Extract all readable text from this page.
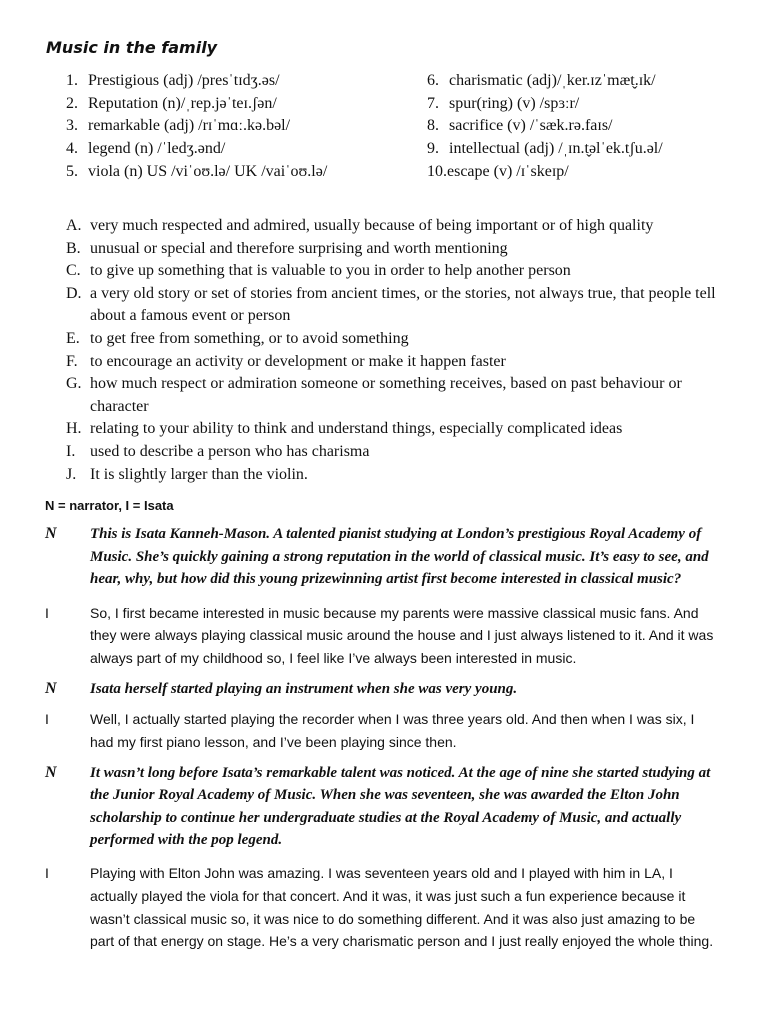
Music in the family
1. Prestigious (adj) /presˈtɪdʒ.əs/
2. Reputation (n)/ˌrep.jəˈteɪ.ʃən/
3. remarkable (adj) /rɪˈmɑː.kə.bəl/
4. legend (n) /ˈledʒ.ənd/
5. viola (n) US /viˈoʊ.lə/ UK /vaiˈoʊ.lə/
6. charismatic (adj)/ˌker.ɪzˈmæt̬.ɪk/
7. spur(ring) (v) /spɜːr/
8. sacrifice (v) /ˈsæk.rə.faɪs/
9. intellectual (adj) /ˌɪn.t̬əlˈek.tʃu.əl/
10.escape (v) /ɪˈskeɪp/
A. very much respected and admired, usually because of being important or of high quality
B. unusual or special and therefore surprising and worth mentioning
C. to give up something that is valuable to you in order to help another person
D. a very old story or set of stories from ancient times, or the stories, not always true, that people tell about a famous event or person
E. to get free from something, or to avoid something
F. to encourage an activity or development or make it happen faster
G. how much respect or admiration someone or something receives, based on past behaviour or character
H. relating to your ability to think and understand things, especially complicated ideas
I. used to describe a person who has charisma
J. It is slightly larger than the violin.
N = narrator, I = Isata
N	This is Isata Kanneh-Mason. A talented pianist studying at London’s prestigious Royal Academy of Music. She’s quickly gaining a strong reputation in the world of classical music. It’s easy to see, and hear, why, but how did this young prizewinning artist first become interested in classical music?
I	So, I first became interested in music because my parents were massive classical music fans. And they were always playing classical music around the house and I just always listened to it. And it was always part of my childhood so, I feel like I’ve always been interested in music.
N	Isata herself started playing an instrument when she was very young.
I	Well, I actually started playing the recorder when I was three years old. And then when I was six, I had my first piano lesson, and I’ve been playing since then.
N	It wasn’t long before Isata’s remarkable talent was noticed. At the age of nine she started studying at the Junior Royal Academy of Music. When she was seventeen, she was awarded the Elton John scholarship to continue her undergraduate studies at the Royal Academy of Music, and actually performed with the pop legend.
I	Playing with Elton John was amazing. I was seventeen years old and I played with him in LA, I actually played the viola for that concert. And it was, it was just such a fun experience because it wasn’t classical music so, it was nice to do something different. And it was also just amazing to be part of that energy on stage. He’s a very charismatic person and I just really enjoyed the whole thing.
